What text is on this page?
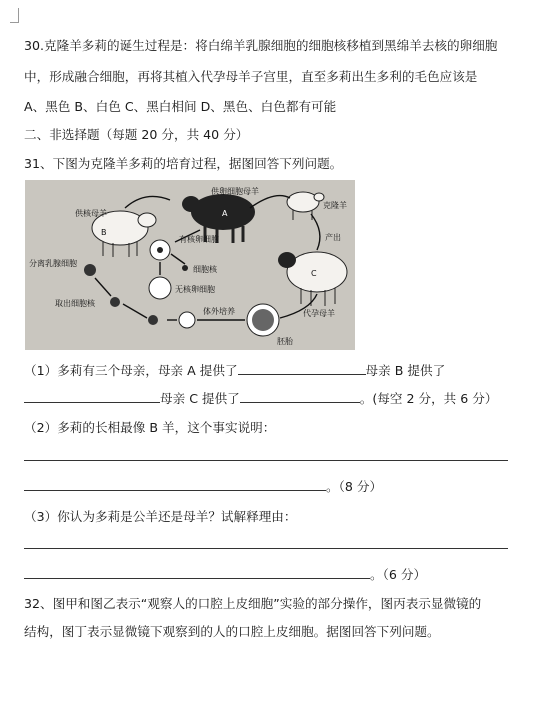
30.克隆羊多莉的诞生过程是：将白绵羊乳腺细胞的细胞核移植到黑绵羊去核的卵细胞
中，形成融合细胞，再将其植入代孕母羊子宫里，直至多莉出生多利的毛色应该是
A、黑色 B、白色 C、黑白相间 D、黑色、白色都有可能
二、非选择题（每题 20 分，共 40 分）
31、下图为克隆羊多莉的培育过程，据图回答下列问题。
供核母羊
B
供卵细胞母羊
A
克隆羊
产出
分离乳腺细胞
有核卵细胞
细胞核
无核卵细胞
取出细胞核
体外培养
C
代孕母羊
胚胎
（1）多莉有三个母亲，母亲 A 提供了	母亲 B 提供了
母亲 C 提供了	。(每空 2 分，共 6 分）
（2）多莉的长相最像 B 羊，这个事实说明：
。（8 分）
（3）你认为多莉是公羊还是母羊？试解释理由：
。（6 分）
32、图甲和图乙表示“观察人的口腔上皮细胞”实验的部分操作，图丙表示显微镜的
结构，图丁表示显微镜下观察到的人的口腔上皮细胞。据图回答下列问题。
